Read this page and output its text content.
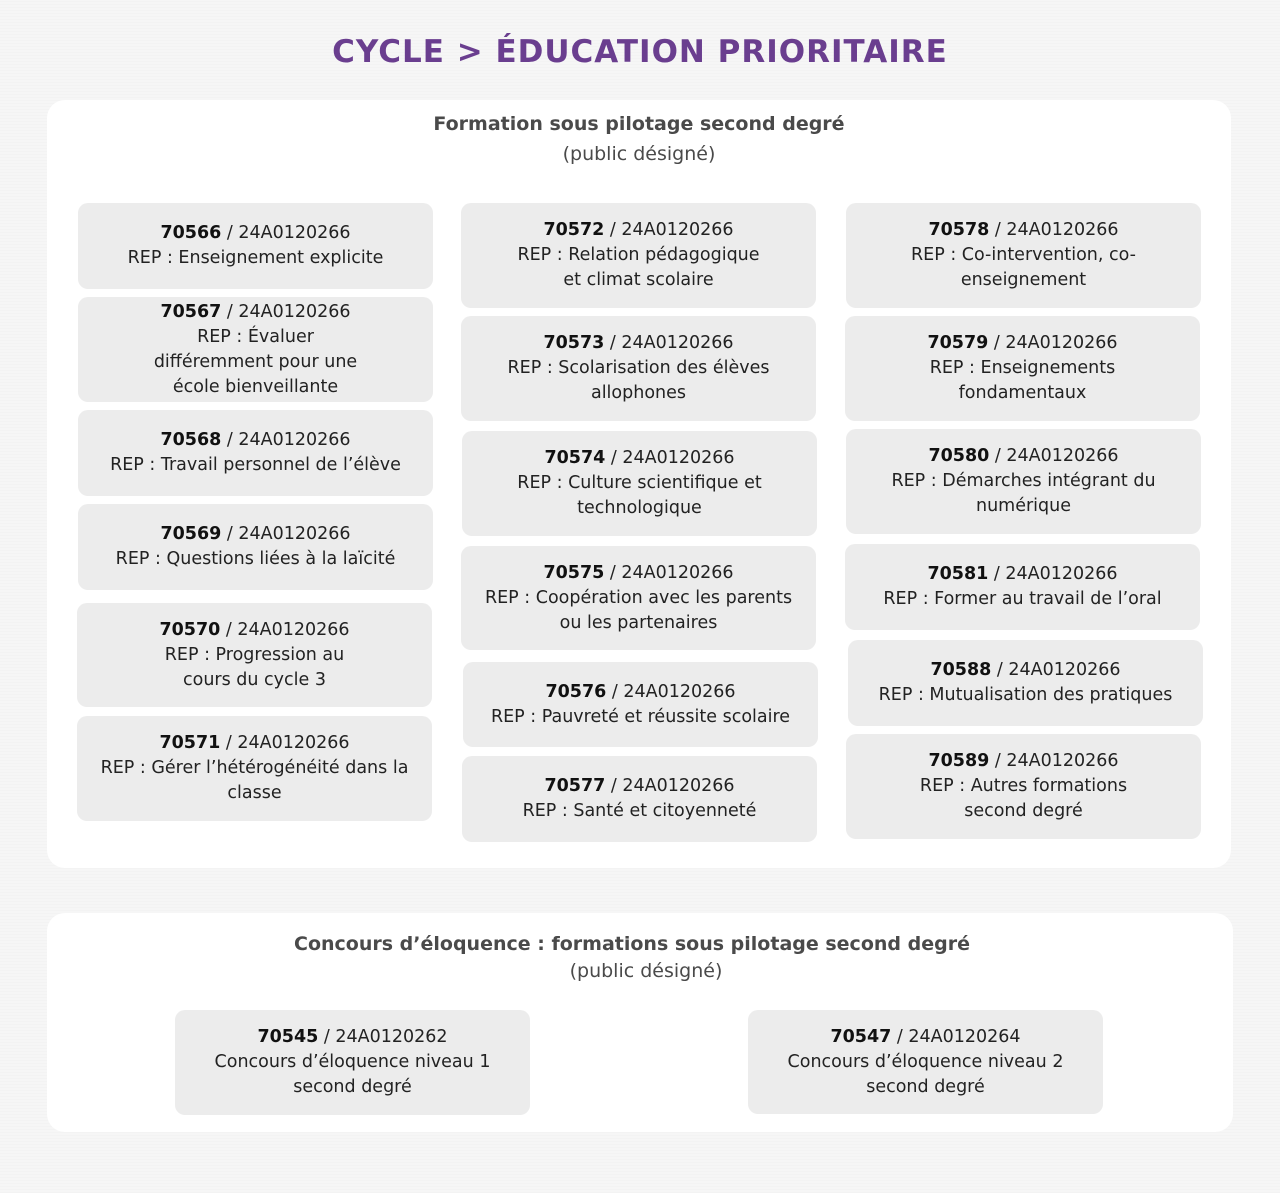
CYCLE > ÉDUCATION PRIORITAIRE
Formation sous pilotage second degré
(public désigné)
70566 / 24A0120266
REP : Enseignement explicite
70567 / 24A0120266
REP : Évaluer différemment pour une école bienveillante
70568 / 24A0120266
REP : Travail personnel de l’élève
70569 / 24A0120266
REP : Questions liées à la laïcité
70570 / 24A0120266
REP : Progression au cours du cycle 3
70571 / 24A0120266
REP : Gérer l’hétérogénéité dans la classe
70572 / 24A0120266
REP : Relation pédagogique et climat scolaire
70573 / 24A0120266
REP : Scolarisation des élèves allophones
70574 / 24A0120266
REP : Culture scientifique et technologique
70575 / 24A0120266
REP : Coopération avec les parents ou les partenaires
70576 / 24A0120266
REP : Pauvreté et réussite scolaire
70577 / 24A0120266
REP : Santé et citoyenneté
70578 / 24A0120266
REP : Co-intervention, co-enseignement
70579 / 24A0120266
REP : Enseignements fondamentaux
70580 / 24A0120266
REP : Démarches intégrant du numérique
70581 / 24A0120266
REP : Former au travail de l’oral
70588 / 24A0120266
REP : Mutualisation des pratiques
70589 / 24A0120266
REP : Autres formations second degré
Concours d’éloquence : formations sous pilotage second degré
(public désigné)
70545 / 24A0120262
Concours d’éloquence niveau 1 second degré
70547 / 24A0120264
Concours d’éloquence niveau 2 second degré
